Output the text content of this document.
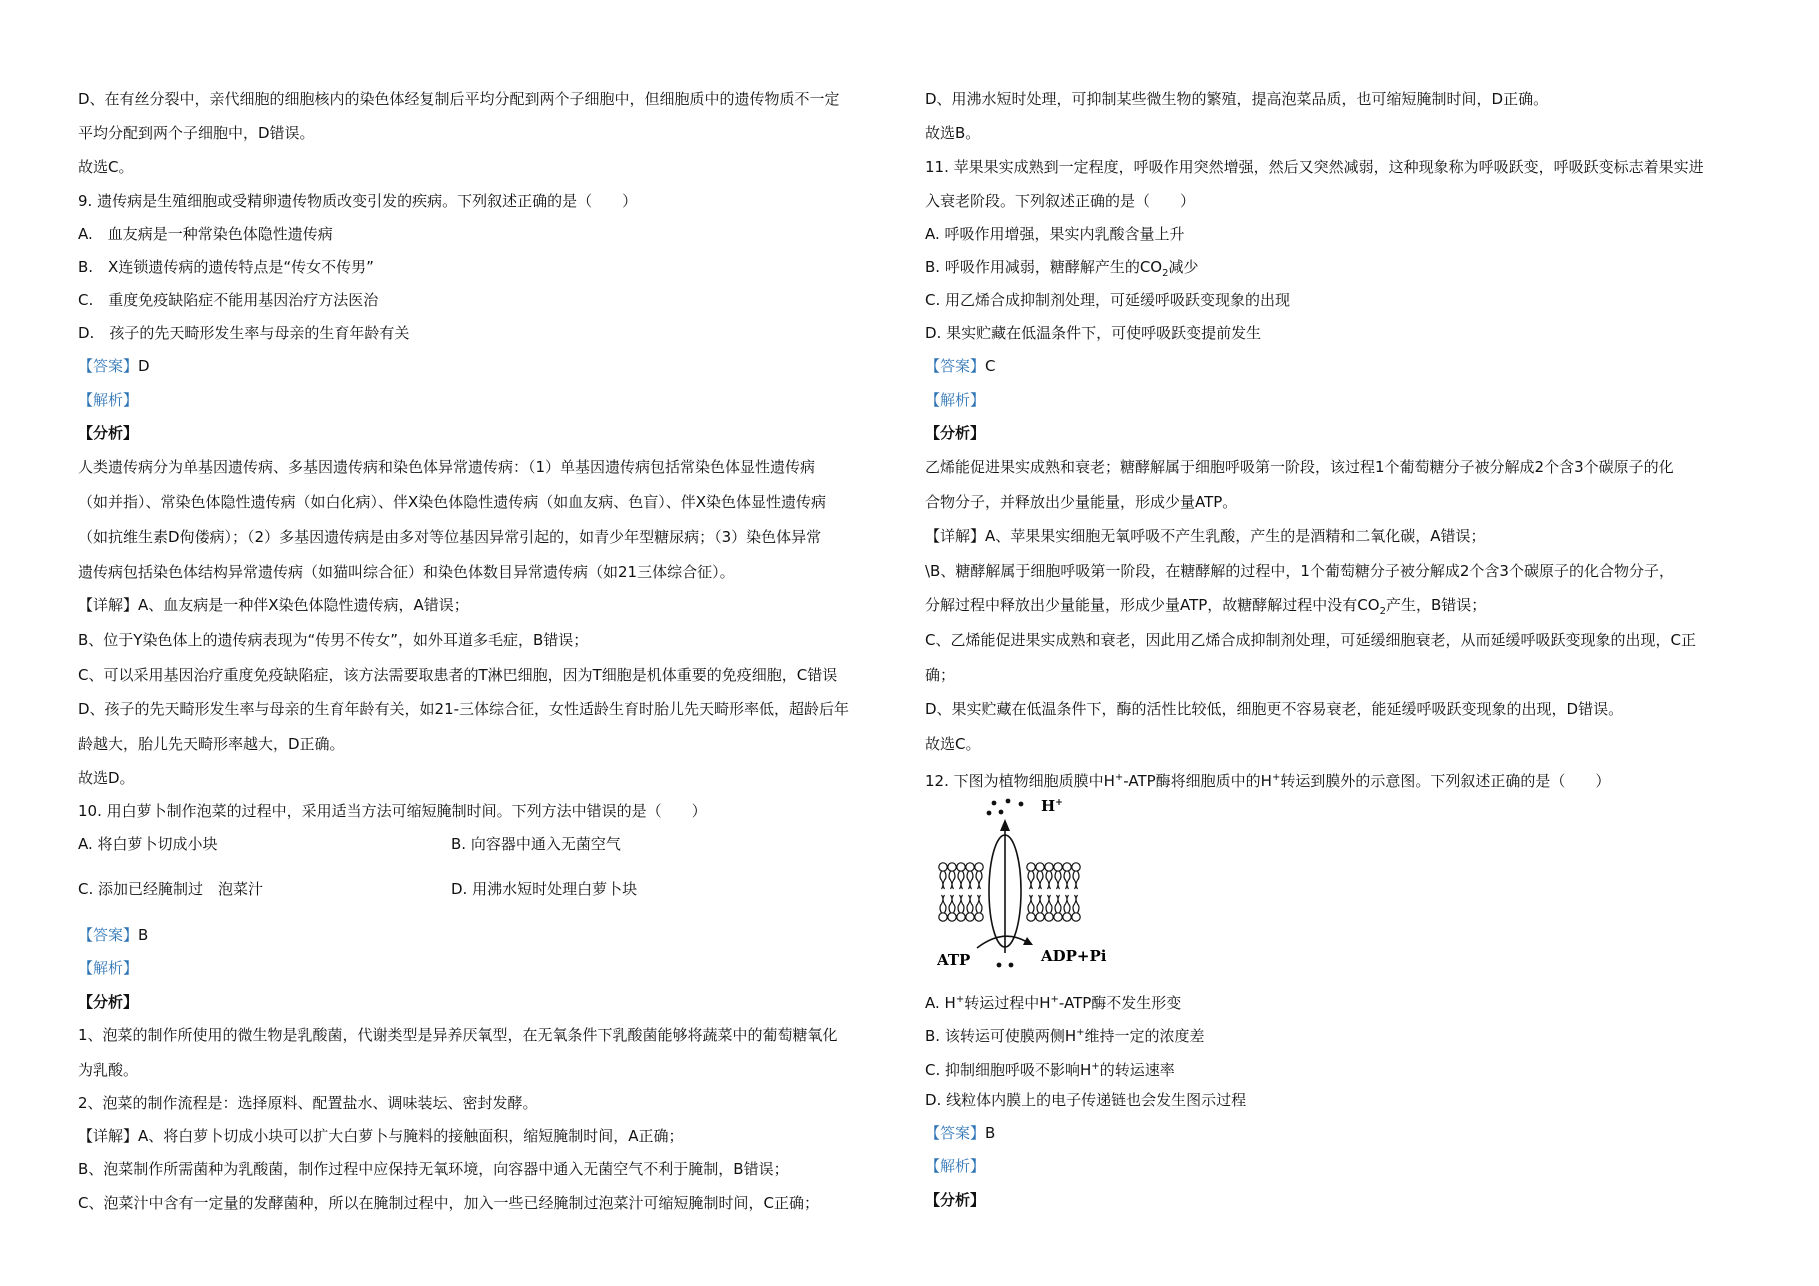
D、在有丝分裂中，亲代细胞的细胞核内的染色体经复制后平均分配到两个子细胞中，但细胞质中的遗传物质不一定
平均分配到两个子细胞中，D错误。
故选C。
9. 遗传病是生殖细胞或受精卵遗传物质改变引发的疾病。下列叙述正确的是（　　）
A.　血友病是一种常染色体隐性遗传病
B.　X连锁遗传病的遗传特点是“传女不传男”
C.　重度免疫缺陷症不能用基因治疗方法医治
D.　孩子的先天畸形发生率与母亲的生育年龄有关
【答案】D
【解析】
【分析】
人类遗传病分为单基因遗传病、多基因遗传病和染色体异常遗传病：（1）单基因遗传病包括常染色体显性遗传病
（如并指）、常染色体隐性遗传病（如白化病）、伴X染色体隐性遗传病（如血友病、色盲）、伴X染色体显性遗传病
（如抗维生素D佝偻病）；（2）多基因遗传病是由多对等位基因异常引起的，如青少年型糖尿病；（3）染色体异常
遗传病包括染色体结构异常遗传病（如猫叫综合征）和染色体数目异常遗传病（如21三体综合征）。
【详解】A、血友病是一种伴X染色体隐性遗传病，A错误；
B、位于Y染色体上的遗传病表现为“传男不传女”，如外耳道多毛症，B错误；
C、可以采用基因治疗重度免疫缺陷症，该方法需要取患者的T淋巴细胞，因为T细胞是机体重要的免疫细胞，C错误
D、孩子的先天畸形发生率与母亲的生育年龄有关，如21-三体综合征，女性适龄生育时胎儿先天畸形率低，超龄后年
龄越大，胎儿先天畸形率越大，D正确。
故选D。
10. 用白萝卜制作泡菜的过程中，采用适当方法可缩短腌制时间。下列方法中错误的是（　　）
A. 将白萝卜切成小块	B. 向容器中通入无菌空气
C. 添加已经腌制过　泡菜汁	D. 用沸水短时处理白萝卜块
【答案】B
【解析】
【分析】
1、泡菜的制作所使用的微生物是乳酸菌，代谢类型是异养厌氧型，在无氧条件下乳酸菌能够将蔬菜中的葡萄糖氧化
为乳酸。
2、泡菜的制作流程是：选择原料、配置盐水、调味装坛、密封发酵。
【详解】A、将白萝卜切成小块可以扩大白萝卜与腌料的接触面积，缩短腌制时间，A正确；
B、泡菜制作所需菌种为乳酸菌，制作过程中应保持无氧环境，向容器中通入无菌空气不利于腌制，B错误；
C、泡菜汁中含有一定量的发酵菌种，所以在腌制过程中，加入一些已经腌制过泡菜汁可缩短腌制时间，C正确；
D、用沸水短时处理，可抑制某些微生物的繁殖，提高泡菜品质，也可缩短腌制时间，D正确。
故选B。
11. 苹果果实成熟到一定程度，呼吸作用突然增强，然后又突然减弱，这种现象称为呼吸跃变，呼吸跃变标志着果实进
入衰老阶段。下列叙述正确的是（　　）
A. 呼吸作用增强，果实内乳酸含量上升
B. 呼吸作用减弱，糖酵解产生的$CO_2$减少
C. 用乙烯合成抑制剂处理，可延缓呼吸跃变现象的出现
D. 果实贮藏在低温条件下，可使呼吸跃变提前发生
【答案】C
【解析】
【分析】
乙烯能促进果实成熟和衰老；糖酵解属于细胞呼吸第一阶段，该过程1个葡萄糖分子被分解成2个含3个碳原子的化
合物分子，并释放出少量能量，形成少量ATP。
【详解】A、苹果果实细胞无氧呼吸不产生乳酸，产生的是酒精和二氧化碳，A错误；
\B、糖酵解属于细胞呼吸第一阶段，在糖酵解的过程中，1个葡萄糖分子被分解成2个含3个碳原子的化合物分子，
分解过程中释放出少量能量，形成少量ATP，故糖酵解过程中没有$CO_2$产生，B错误；
C、乙烯能促进果实成熟和衰老，因此用乙烯合成抑制剂处理，可延缓细胞衰老，从而延缓呼吸跃变现象的出现，C正
确；
D、果实贮藏在低温条件下，酶的活性比较低，细胞更不容易衰老，能延缓呼吸跃变现象的出现，D错误。
故选C。
12. 下图为植物细胞质膜中H+-ATP酶将细胞质中的H+转运到膜外的示意图。下列叙述正确的是（　　）
H+
ATP	ADP+Pi
A. H+转运过程中H+-ATP酶不发生形变
B. 该转运可使膜两侧H+维持一定的浓度差
C. 抑制细胞呼吸不影响H+的转运速率
D. 线粒体内膜上的电子传递链也会发生图示过程
【答案】B
【解析】
【分析】
